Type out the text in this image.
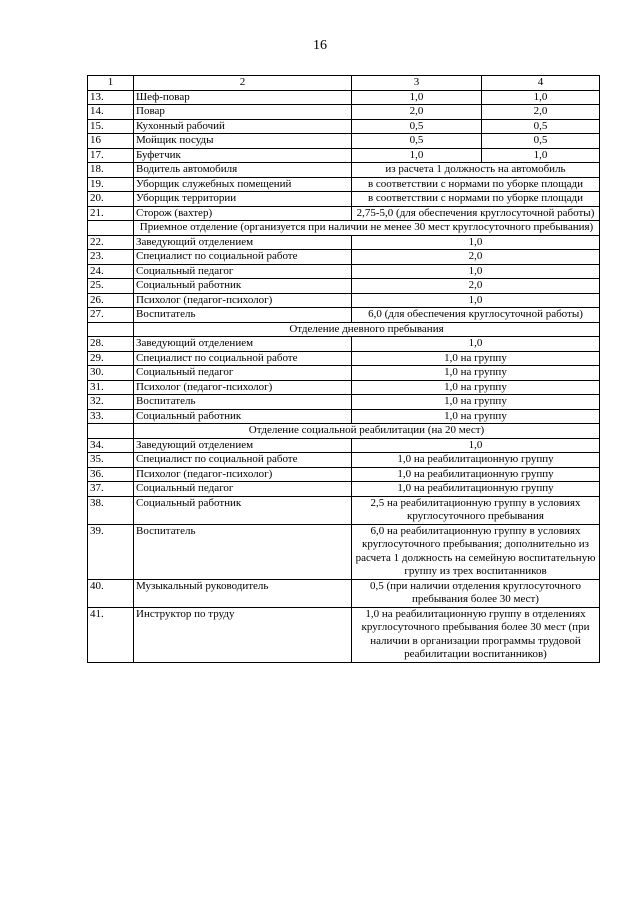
16
1	2	3	4
13.	Шеф-повар	1,0	1,0
14.	Повар	2,0	2,0
15.	Кухонный рабочий	0,5	0,5
16	Мойщик посуды	0,5	0,5
17.	Буфетчик	1,0	1,0
18.	Водитель автомобиля	из расчета 1 должность на автомобиль	
19.	Уборщик служебных помещений	в соответствии с нормами по уборке площади	
20.	Уборщик территории	в соответствии с нормами по уборке площади	
21.	Сторож (вахтер)	2,75-5,0 (для обеспечения круглосуточной работы)	
	Приемное отделение (организуется при наличии не менее 30 мест круглосуточного пребывания)		
22.	Заведующий отделением	1,0	
23.	Специалист по социальной работе	2,0	
24.	Социальный педагог	1,0	
25.	Социальный работник	2,0	
26.	Психолог (педагог-психолог)	1,0	
27.	Воспитатель	6,0 (для обеспечения круглосуточной работы)	
	Отделение дневного пребывания		
28.	Заведующий отделением	1,0	
29.	Специалист по социальной работе	1,0 на группу	
30.	Социальный педагог	1,0 на группу	
31.	Психолог (педагог-психолог)	1,0 на группу	
32.	Воспитатель	1,0 на группу	
33.	Социальный работник	1,0 на группу	
	Отделение социальной реабилитации (на 20 мест)		
34.	Заведующий отделением	1,0	
35.	Специалист по социальной работе	1,0 на реабилитационную группу	
36.	Психолог (педагог-психолог)	1,0 на реабилитационную группу	
37.	Социальный педагог	1,0 на реабилитационную группу	
38.	Социальный работник	2,5 на реабилитационную группу в условиях круглосуточного пребывания	
39.	Воспитатель	6,0 на реабилитационную группу в условиях круглосуточного пребывания; дополнительно из расчета 1 должность на семейную воспитательную группу из трех воспитанников	
40.	Музыкальный руководитель	0,5 (при наличии отделения круглосуточного пребывания более 30 мест)	
41.	Инструктор по труду	1,0 на реабилитационную группу в отделениях круглосуточного пребывания более 30 мест (при наличии в организации программы трудовой реабилитации воспитанников)	
